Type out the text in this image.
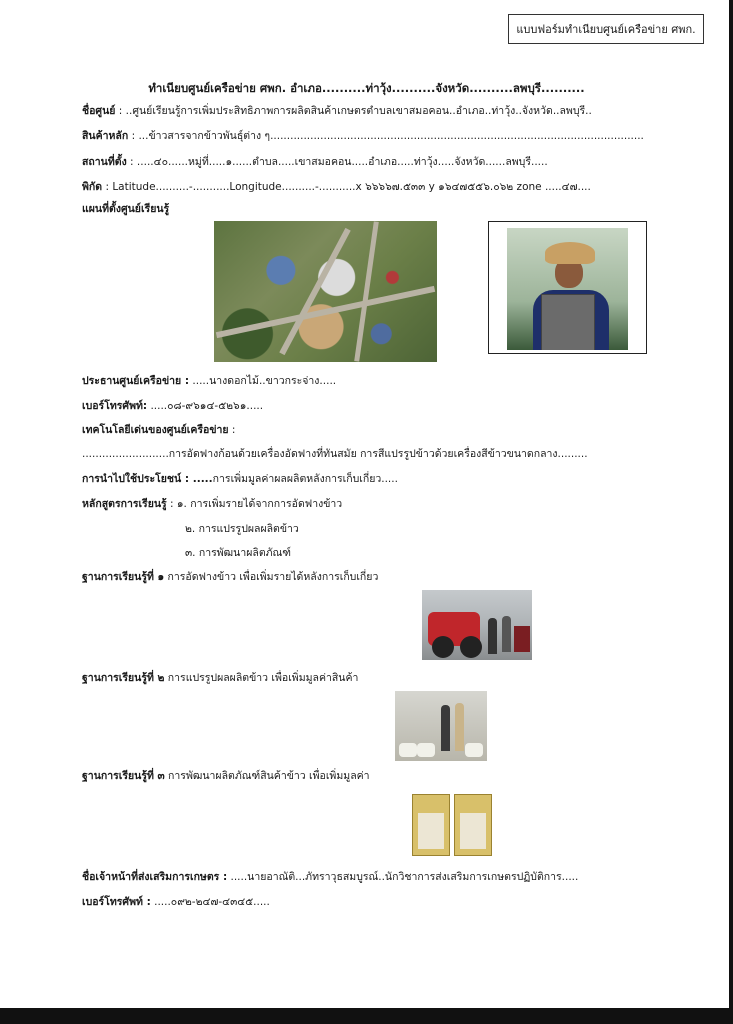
แบบฟอร์มทำเนียบศูนย์เครือข่าย ศพก.
ทำเนียบศูนย์เครือข่าย ศพก. อำเภอ..........ท่าวุ้ง..........จังหวัด..........ลพบุรี..........
ชื่อศูนย์ : ..ศูนย์เรียนรู้การเพิ่มประสิทธิภาพการผลิตสินค้าเกษตรตำบลเขาสมอคอน..อำเภอ..ท่าวุ้ง..จังหวัด..ลพบุรี..
สินค้าหลัก : ...ข้าวสารจากข้าวพันธุ์ต่าง ๆ................................................................................................................
สถานที่ตั้ง : .....๔๐......หมู่ที่.....๑......ตำบล.....เขาสมอคอน.....อำเภอ.....ท่าวุ้ง.....จังหวัด......ลพบุรี.....
พิกัด : Latitude..........-...........Longitude..........-...........x ๖๖๖๖๗.๕๓๓ y ๑๖๔๗๕๕๖.๐๖๒ zone .....๔๗....
แผนที่ตั้งศูนย์เรียนรู้
ประธานศูนย์เครือข่าย : .....นางดอกไม้..ขาวกระจ่าง.....
เบอร์โทรศัพท์: .....๐๘-๙๖๑๔-๕๒๖๑.....
เทคโนโลยีเด่นของศูนย์เครือข่าย :
..........................การอัดฟางก้อนด้วยเครื่องอัดฟางที่ทันสมัย การสีแปรรูปข้าวด้วยเครื่องสีข้าวขนาดกลาง.........
การนำไปใช้ประโยชน์ : .....การเพิ่มมูลค่าผลผลิตหลังการเก็บเกี่ยว.....
หลักสูตรการเรียนรู้ : ๑. การเพิ่มรายได้จากการอัดฟางข้าว
๒. การแปรรูปผลผลิตข้าว
๓. การพัฒนาผลิตภัณฑ์
ฐานการเรียนรู้ที่ ๑ การอัดฟางข้าว เพื่อเพิ่มรายได้หลังการเก็บเกี่ยว
ฐานการเรียนรู้ที่ ๒ การแปรรูปผลผลิตข้าว เพื่อเพิ่มมูลค่าสินค้า
ฐานการเรียนรู้ที่ ๓ การพัฒนาผลิตภัณฑ์สินค้าข้าว เพื่อเพิ่มมูลค่า
ชื่อเจ้าหน้าที่ส่งเสริมการเกษตร : .....นายอาณัติ...ภัทราวุธสมบูรณ์..นักวิชาการส่งเสริมการเกษตรปฏิบัติการ.....
เบอร์โทรศัพท์ : .....๐๙๒-๒๔๗-๔๓๔๕.....
